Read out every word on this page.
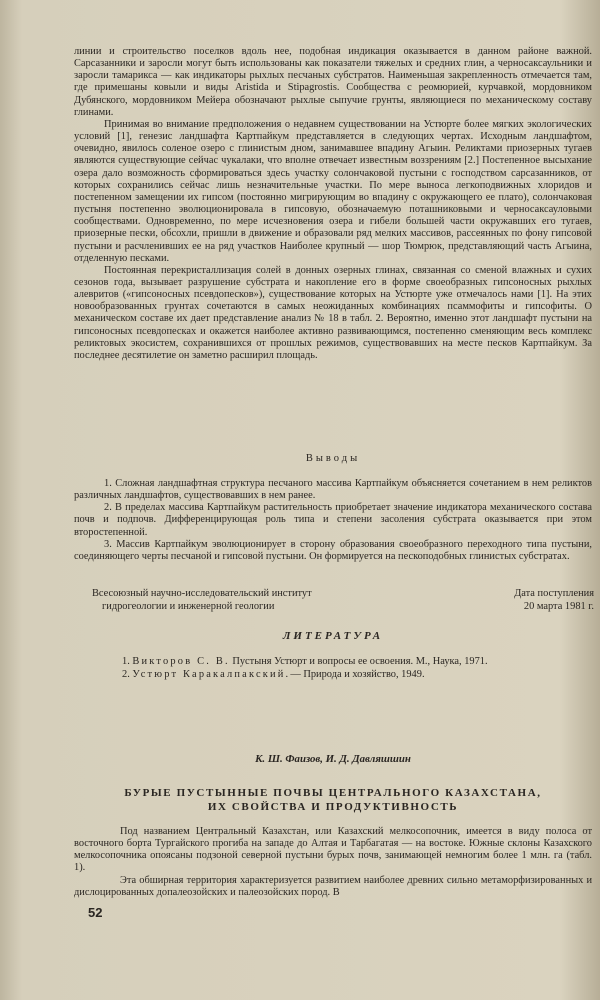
линии и строительство поселков вдоль нее, подобная индикация оказывается в данном районе важной. Сарсазанники и заросли могут быть использованы как показатели тяжелых и средних глин, а черносаксаульники и заросли тамарикса — как индикаторы рыхлых песчаных субстратов. Наименьшая закрепленность отмечается там, где примешаны ковыли и виды Aristida и Stipagrostis. Сообщества с реомюрией, курчавкой, мордовником Дубянского, мордовником Мейера обозначают рыхлые сыпучие грунты, являющиеся по механическому составу глинами.

Принимая во внимание предположения о недавнем существовании на Устюрте более мягких экологических условий [1], генезис ландшафта Картпайкум представляется в следующих чертах. Исходным ландшафтом, очевидно, явилось соленое озеро с глинистым дном, занимавшее впадину Агыин. Реликтами приозерных тугаев являются существующие сейчас чукалаки, что вполне отвечает известным воззрениям [2.] Постепенное высыхание озера дало возможность сформироваться здесь участку солончаковой пустыни с господством сарсазанников, от которых сохранились сейчас лишь незначительные участки. По мере выноса легкоподвижных хлоридов и постепенном замещении их гипсом (постоянно мигрирующим во впадину с окружающего ее плато), солончаковая пустыня постепенно эволюционировала в гипсовую, обозначаемую поташниковыми и черносаксауловыми сообществами. Одновременно, по мере исчезновения озера и гибели большей части окружавших его тугаев, приозерные пески, обсохли, пришли в движение и образовали ряд мелких массивов, рассеянных по фону гипсовой пустыни и расчленивших ее на ряд участков Наиболее крупный — шор Тюмрюк, представляющий часть Агыина, отделенную песками.

Постоянная перекристаллизация солей в донных озерных глинах, связанная со сменой влажных и сухих сезонов года, вызывает разрушение субстрата и накопление его в форме своеобразных гипсоносных рыхлых алевритов («гипсоносных псевдопесков»), существование которых на Устюрте уже отмечалось нами [1]. На этих новообразованных грунтах сочетаются в самых неожиданных комбинациях псаммофиты и гипсофиты. О механическом составе их дает представление анализ № 18 в табл. 2. Вероятно, именно этот ландшафт пустыни на гипсоносных псевдопесках и окажется наиболее активно развивающимся, постепенно сменяющим весь комплекс реликтовых экосистем, сохранившихся от прошлых режимов, существовавших на месте песков Картпайкум. За последнее десятилетие он заметно расширил площадь.

Выводы

1. Сложная ландшафтная структура песчаного массива Картпайкум объясняется сочетанием в нем реликтов различных ландшафтов, существовавших в нем ранее.

2. В пределах массива Картпайкум растительность приобретает значение индикатора механического состава почв и подпочв. Дифференцирующая роль типа и степени засоления субстрата оказывается при этом второстепенной.

3. Массив Картпайкум эволюционирует в сторону образования своеобразного переходного типа пустыни, соединяющего черты песчаной и гипсовой пустыни. Он формируется на пескоподобных глинистых субстратах.

Всесоюзный научно-исследовательский институт
гидрогеологии и инженерной геологии
Дата поступления
20 марта 1981 г.
ЛИТЕРАТУРА
1. Викторов С. В. Пустыня Устюрт и вопросы ее освоения. М., Наука, 1971.
2. Устюрт Каракалпакский.— Природа и хозяйство, 1949.
К. Ш. Фаизов, И. Д. Давляшшин
БУРЫЕ ПУСТЫННЫЕ ПОЧВЫ ЦЕНТРАЛЬНОГО КАЗАХСТАНА,
ИХ СВОЙСТВА И ПРОДУКТИВНОСТЬ

Под названием Центральный Казахстан, или Казахский мелкосопочник, имеется в виду полоса от восточного борта Тургайского прогиба на западе до Алтая и Тарбагатая — на востоке. Южные склоны Казахского мелкосопочника опоясаны подзоной северной пустыни бурых почв, занимающей немногим более 1 млн. га (табл. 1).

Эта обширная территория характеризуется развитием наиболее древних сильно метаморфизированных и дислоцированных допалеозойских и палеозойских пород. В

52
